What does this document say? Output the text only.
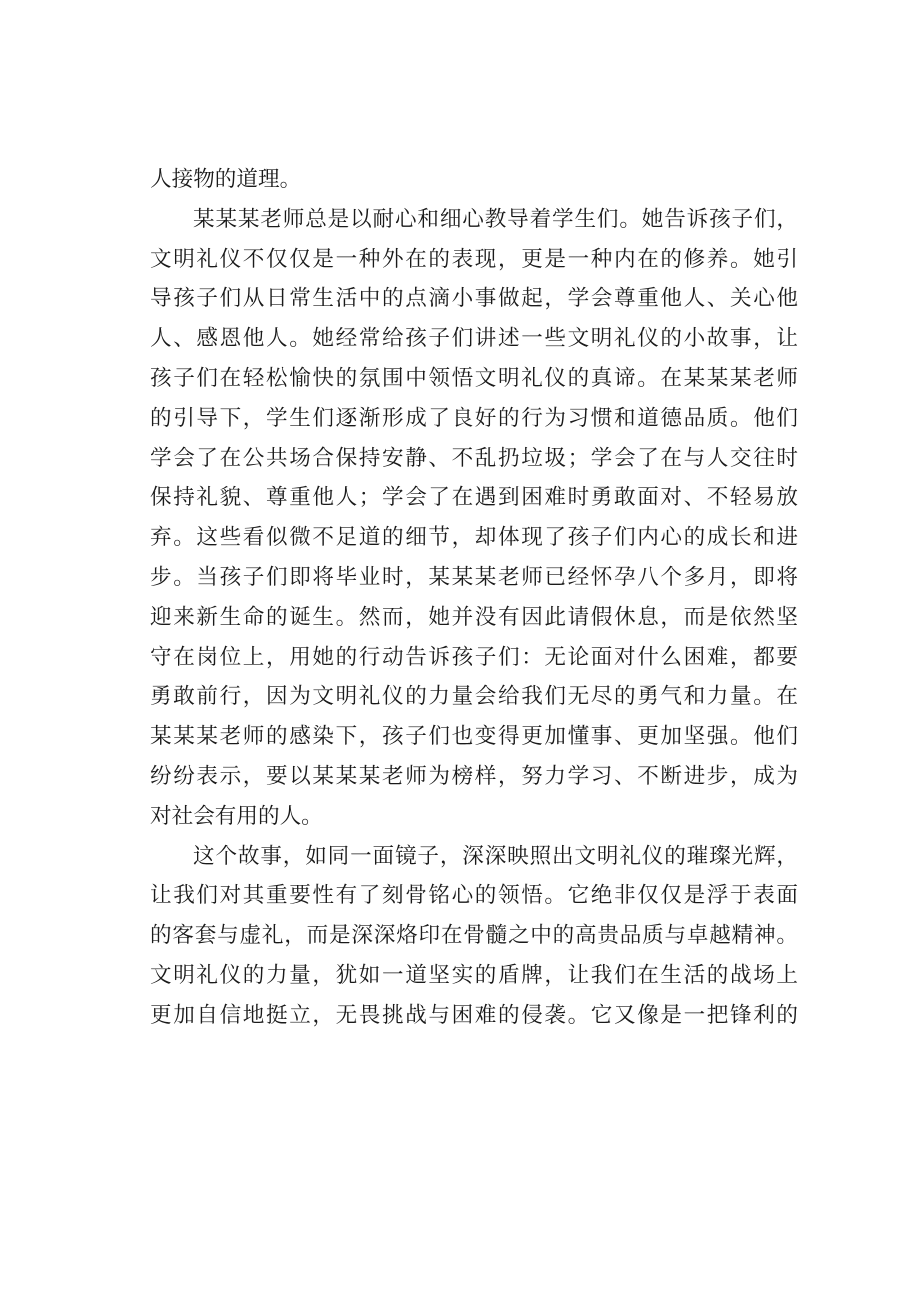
人接物的道理。
某某某老师总是以耐心和细心教导着学生们。她告诉孩子们，
文明礼仪不仅仅是一种外在的表现，更是一种内在的修养。她引
导孩子们从日常生活中的点滴小事做起，学会尊重他人、关心他
人、感恩他人。她经常给孩子们讲述一些文明礼仪的小故事，让
孩子们在轻松愉快的氛围中领悟文明礼仪的真谛。在某某某老师
的引导下，学生们逐渐形成了良好的行为习惯和道德品质。他们
学会了在公共场合保持安静、不乱扔垃圾；学会了在与人交往时
保持礼貌、尊重他人；学会了在遇到困难时勇敢面对、不轻易放
弃。这些看似微不足道的细节，却体现了孩子们内心的成长和进
步。当孩子们即将毕业时，某某某老师已经怀孕八个多月，即将
迎来新生命的诞生。然而，她并没有因此请假休息，而是依然坚
守在岗位上，用她的行动告诉孩子们：无论面对什么困难，都要
勇敢前行，因为文明礼仪的力量会给我们无尽的勇气和力量。在
某某某老师的感染下，孩子们也变得更加懂事、更加坚强。他们
纷纷表示，要以某某某老师为榜样，努力学习、不断进步，成为
对社会有用的人。
这个故事，如同一面镜子，深深映照出文明礼仪的璀璨光辉，
让我们对其重要性有了刻骨铭心的领悟。它绝非仅仅是浮于表面
的客套与虚礼，而是深深烙印在骨髓之中的高贵品质与卓越精神。
文明礼仪的力量，犹如一道坚实的盾牌，让我们在生活的战场上
更加自信地挺立，无畏挑战与困难的侵袭。它又像是一把锋利的
